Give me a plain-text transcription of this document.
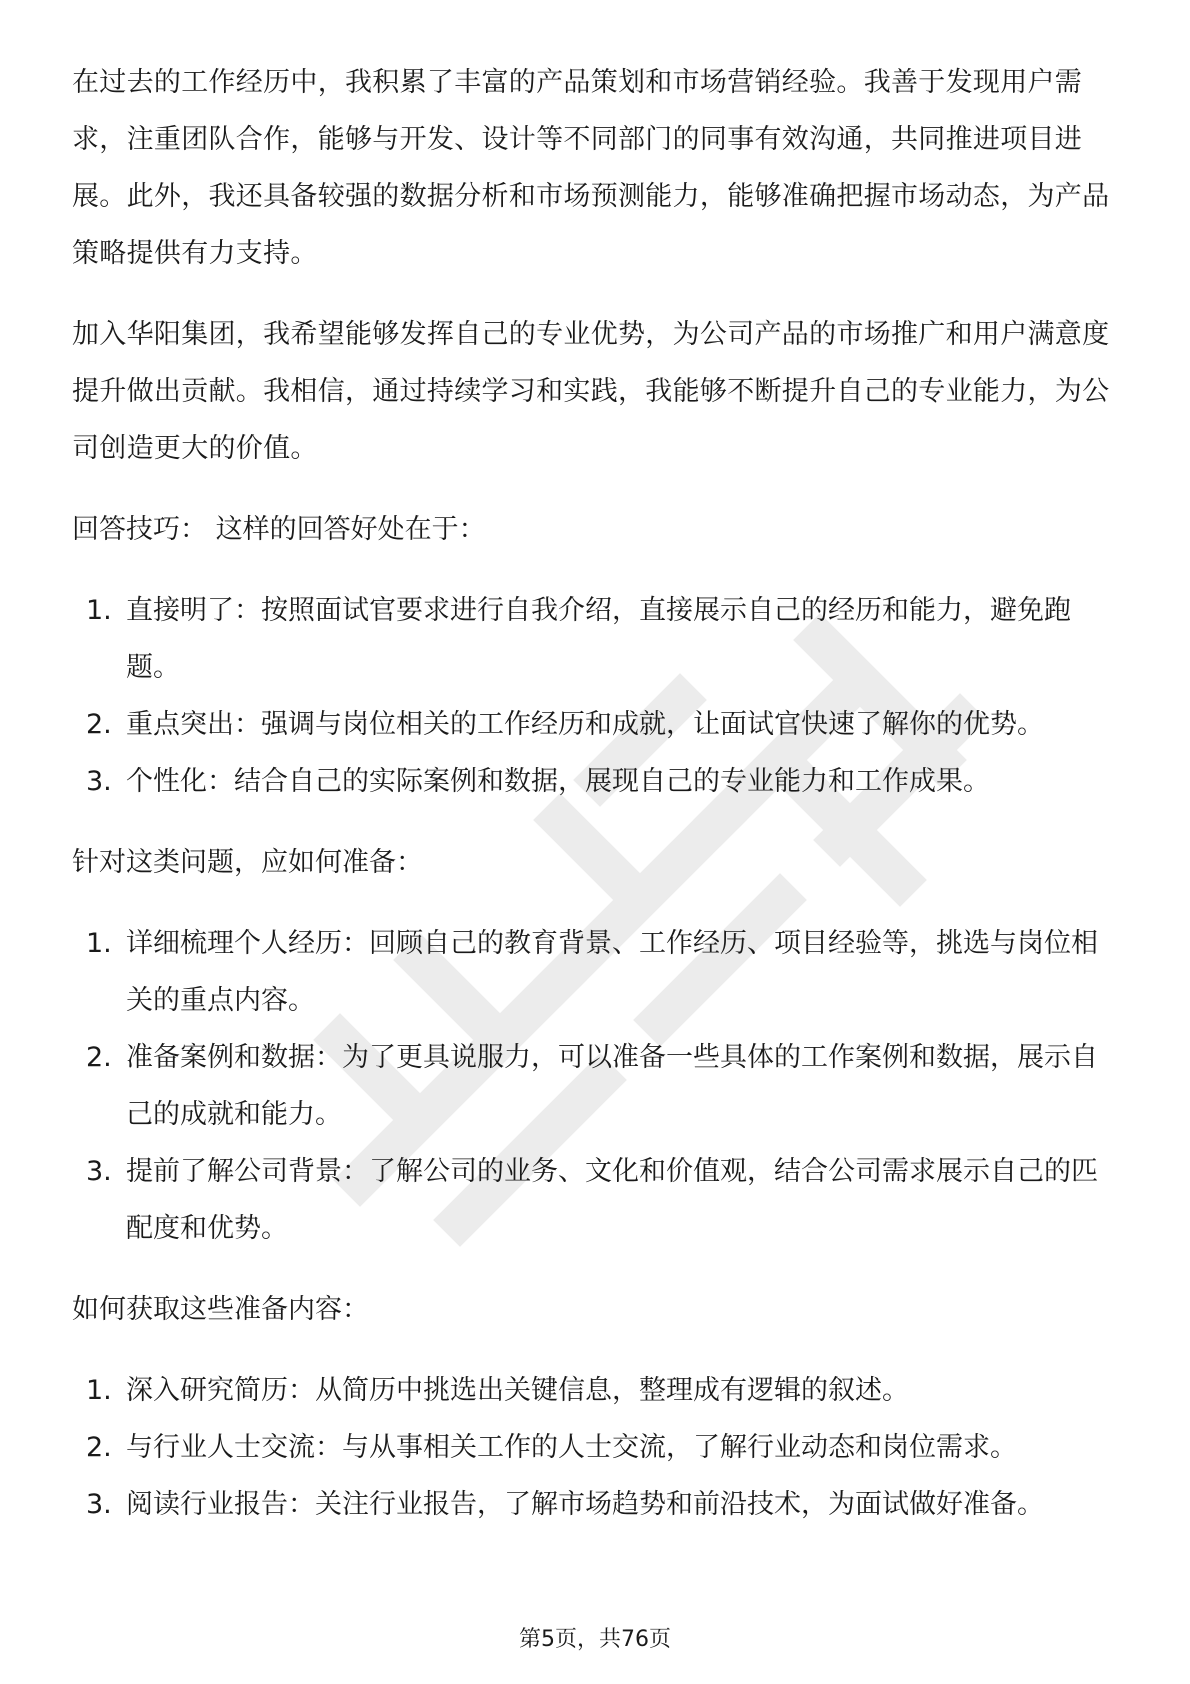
在过去的工作经历中，我积累了丰富的产品策划和市场营销经验。我善于发现用户需求，注重团队合作，能够与开发、设计等不同部门的同事有效沟通，共同推进项目进展。此外，我还具备较强的数据分析和市场预测能力，能够准确把握市场动态，为产品策略提供有力支持。

加入华阳集团，我希望能够发挥自己的专业优势，为公司产品的市场推广和用户满意度提升做出贡献。我相信，通过持续学习和实践，我能够不断提升自己的专业能力，为公司创造更大的价值。

回答技巧： 这样的回答好处在于：
1. 直接明了：按照面试官要求进行自我介绍，直接展示自己的经历和能力，避免跑题。
2. 重点突出：强调与岗位相关的工作经历和成就，让面试官快速了解你的优势。
3. 个性化：结合自己的实际案例和数据，展现自己的专业能力和工作成果。
针对这类问题，应如何准备：
1. 详细梳理个人经历：回顾自己的教育背景、工作经历、项目经验等，挑选与岗位相关的重点内容。
2. 准备案例和数据：为了更具说服力，可以准备一些具体的工作案例和数据，展示自己的成就和能力。
3. 提前了解公司背景：了解公司的业务、文化和价值观，结合公司需求展示自己的匹配度和优势。
如何获取这些准备内容：
1. 深入研究简历：从简历中挑选出关键信息，整理成有逻辑的叙述。
2. 与行业人士交流：与从事相关工作的人士交流，了解行业动态和岗位需求。
3. 阅读行业报告：关注行业报告，了解市场趋势和前沿技术，为面试做好准备。
第5页，共76页
